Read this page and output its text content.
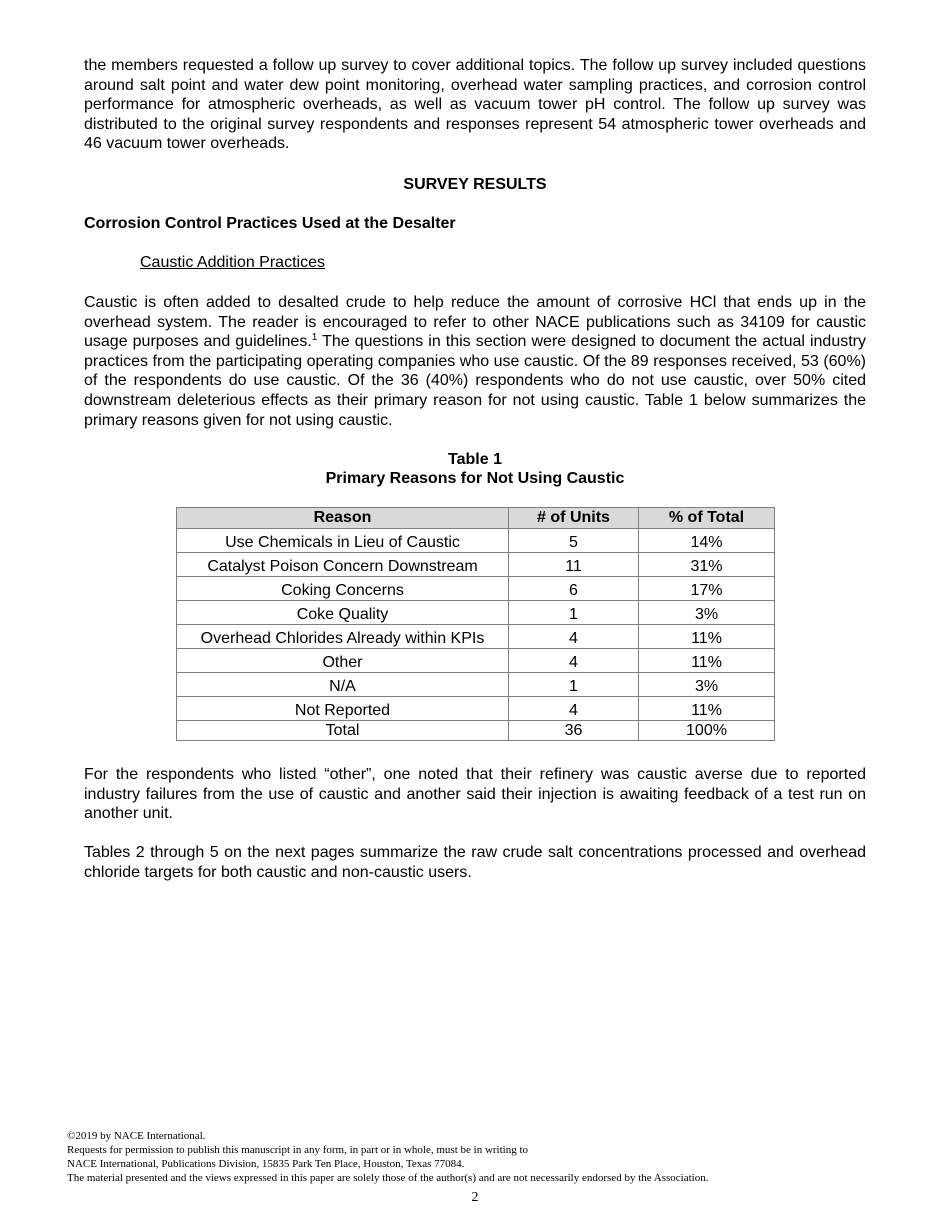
the members requested a follow up survey to cover additional topics. The follow up survey included questions around salt point and water dew point monitoring, overhead water sampling practices, and corrosion control performance for atmospheric overheads, as well as vacuum tower pH control. The follow up survey was distributed to the original survey respondents and responses represent 54 atmospheric tower overheads and 46 vacuum tower overheads.

SURVEY RESULTS

Corrosion Control Practices Used at the Desalter

Caustic Addition Practices

Caustic is often added to desalted crude to help reduce the amount of corrosive HCl that ends up in the overhead system. The reader is encouraged to refer to other NACE publications such as 34109 for caustic usage purposes and guidelines.$^1$ The questions in this section were designed to document the actual industry practices from the participating operating companies who use caustic. Of the 89 responses received, 53 (60%) of the respondents do use caustic. Of the 36 (40%) respondents who do not use caustic, over 50% cited downstream deleterious effects as their primary reason for not using caustic. Table 1 below summarizes the primary reasons given for not using caustic.

Table 1

Primary Reasons for Not Using Caustic

Reason	# of Units	% of Total
Use Chemicals in Lieu of Caustic	5	14%
Catalyst Poison Concern Downstream	11	31%
Coking Concerns	6	17%
Coke Quality	1	3%
Overhead Chlorides Already within KPIs	4	11%
Other	4	11%
N/A	1	3%
Not Reported	4	11%
Total	36	100%

For the respondents who listed “other”, one noted that their refinery was caustic averse due to reported industry failures from the use of caustic and another said their injection is awaiting feedback of a test run on another unit.

Tables 2 through 5 on the next pages summarize the raw crude salt concentrations processed and overhead chloride targets for both caustic and non-caustic users.

©2019 by NACE International.
Requests for permission to publish this manuscript in any form, in part or in whole, must be in writing to
NACE International, Publications Division, 15835 Park Ten Place, Houston, Texas 77084.
The material presented and the views expressed in this paper are solely those of the author(s) and are not necessarily endorsed by the Association.
2
